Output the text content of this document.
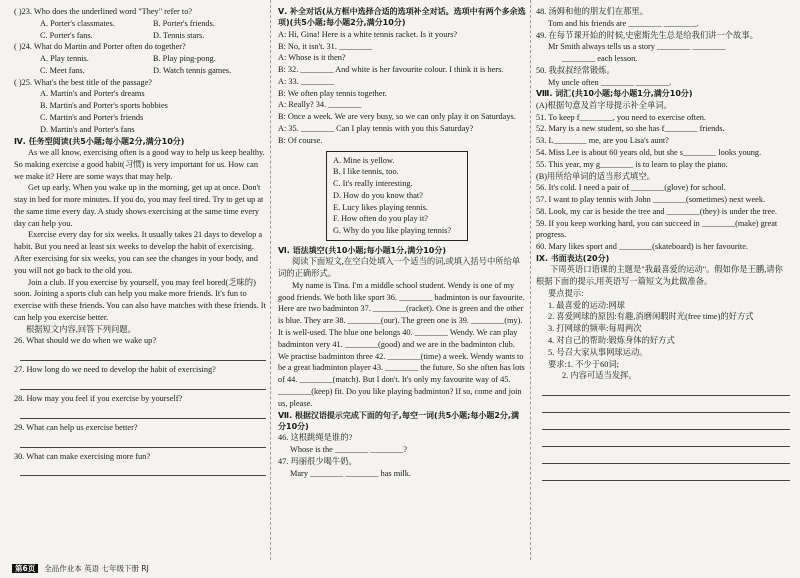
( )23. Who does the underlined word "They" refer to?
A. Porter's classmates.	B. Porter's friends.
C. Porter's fans.	D. Tennis stars.
( )24. What do Martin and Porter often do together?
A. Play tennis.	B. Play ping-pong.
C. Meet fans.	D. Watch tennis games.
( )25. What's the best title of the passage?
A. Martin's and Porter's dreams
B. Martin's and Porter's sports hobbies
C. Martin's and Porter's friends
D. Martin's and Porter's fans
Ⅳ. 任务型阅读(共5小题;每小题2分,满分10分)
As we all know, exercising often is a good way to help us keep healthy. So making exercise a good habit(习惯) is very important for us. How can we make it? Here are some ways that may help.
Get up early. When you wake up in the morning, get up at once. Don't stay in bed for more minutes. If you do, you may feel tired. Try to get up at the same time every day. A study shows exercising at the same time every day can help you.
Exercise every day for six weeks. It usually takes 21 days to develop a habit. But you need at least six weeks to develop the habit of exercising. After exercising for six weeks, you can see the changes in your body, and you will not go back to the old you.
Join a club. If you exercise by yourself, you may feel bored(乏味的) soon. Joining a sports club can help you make more friends. It's fun to exercise with these friends. You can also have matches with these friends. It can help you exercise better.
根据短文内容,回答下列问题。
26. What should we do when we wake up?
27. How long do we need to develop the habit of exercising?
28. How may you feel if you exercise by yourself?
29. What can help us exercise better?
30. What can make exercising more fun?
第6页 全品作业本 英语 七年级下册 RJ
Ⅴ. 补全对话(从方框中选择合适的选项补全对话。选项中有两个多余选项)(共5小题;每小题2分,满分10分)
A: Hi, Gina! Here is a white tennis racket. Is it yours?
B: No, it isn't. 31. ________
A: Whose is it then?
B: 32. ________ And white is her favourite colour. I think it is hers.
A: 33. ________
B: We often play tennis together.
A: Really? 34. ________
B: Once a week. We are very busy, so we can only play it on Saturdays.
A: 35. ________ Can I play tennis with you this Saturday?
B: Of course.
A. Mine is yellow.
B. I like tennis, too.
C. It's really interesting.
D. How do you know that?
E. Lucy likes playing tennis.
F. How often do you play it?
G. Why do you like playing tennis?
Ⅵ. 语法填空(共10小题;每小题1分,满分10分)
阅读下面短文,在空白处填入一个适当的词,或填入括号中所给单词的正确形式。
My name is Tina. I'm a middle school student. Wendy is one of my good friends. We both like sport 36. ________ badminton is our favourite. Here are two badminton 37. ________(racket). One is green and the other is blue. They are 38. ________(our). The green one is 39. ________(my). It is well-used. The blue one belongs 40. ________ Wendy. We can play badminton very 41. ________(good) and we are in the badminton club. We practise badminton three 42. ________(time) a week. Wendy wants to be a great badminton player 43. ________ the future. So she often has lots of 44. ________(match). But I don't. It's only my favourite way of 45. ________(keep) fit. Do you like playing badminton? If so, come and join us, please.
Ⅶ. 根据汉语提示完成下面的句子,每空一词(共5小题;每小题2分,满分10分)
46. 这根跳绳是谁的?
Whose is the ________ ________?
47. 玛丽很少喝牛奶。
Mary ________ ________ has milk.
48. 汤姆和他的朋友们在那里。
Tom and his friends are ________ ________.
49. 在每节课开始的时候,史密斯先生总是给我们讲一个故事。
Mr Smith always tells us a story ________ ________
________ each lesson.
50. 我叔叔经常锻炼。
My uncle often ________ ________.
Ⅷ. 词汇(共10小题;每小题1分,满分10分)
(A)根据句意及首字母提示补全单词。
51. To keep f________, you need to exercise often.
52. Mary is a new student, so she has f________ friends.
53. L________ me, are you Lisa's aunt?
54. Miss Lee is about 60 years old, but she s________ looks young.
55. This year, my g________ is to learn to play the piano.
(B)用所给单词的适当形式填空。
56. It's cold. I need a pair of ________(glove) for school.
57. I want to play tennis with John ________(sometimes) next week.
58. Look, my car is beside the tree and ________(they) is under the tree.
59. If you keep working hard, you can succeed in ________(make) great progress.
60. Mary likes sport and ________(skateboard) is her favourite.
Ⅸ. 书面表达(20分)
下周英语口语课的主题是"我最喜爱的运动"。假如你是王鹏,请你根据下面的提示,用英语写一篇短文为此做准备。
要点提示:
1. 最喜爱的运动:网球
2. 喜爱网球的原因:有趣,消磨闲暇时光(free time)的好方式
3. 打网球的频率:每周两次
4. 对自己的帮助:锻炼身体的好方式
5. 号召大家从事网球运动。
要求:1. 不少于60词;
2. 内容可适当发挥。
